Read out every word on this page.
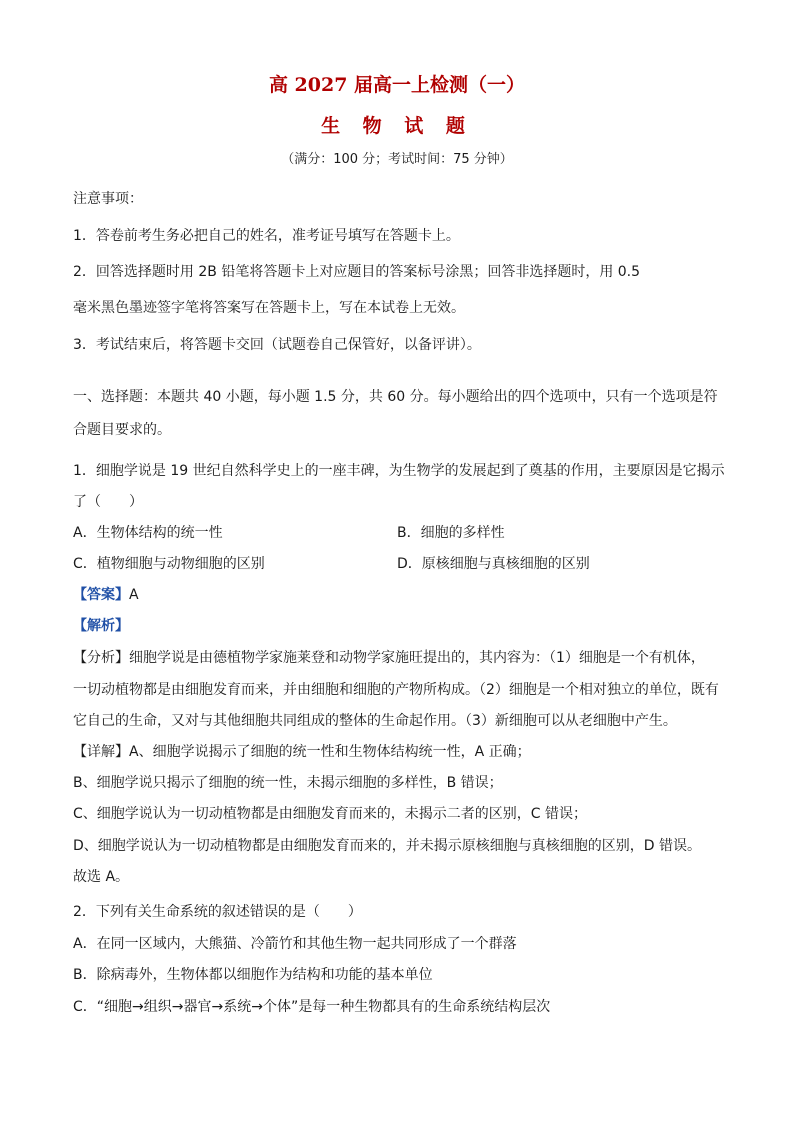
高 2027 届高一上检测（一）
生 物 试 题
（满分：100 分；考试时间：75 分钟）
注意事项：
1．答卷前考生务必把自己的姓名，准考证号填写在答题卡上。
2．回答选择题时用 2B 铅笔将答题卡上对应题目的答案标号涂黑；回答非选择题时，用 0.5
毫米黑色墨迹签字笔将答案写在答题卡上，写在本试卷上无效。
3．考试结束后，将答题卡交回（试题卷自己保管好，以备评讲）。
一、选择题：本题共 40 小题，每小题 1.5 分，共 60 分。每小题给出的四个选项中，只有一个选项是符
合题目要求的。
1．细胞学说是 19 世纪自然科学史上的一座丰碑，为生物学的发展起到了奠基的作用，主要原因是它揭示
了（　　）
A．生物体结构的统一性	B．细胞的多样性
C．植物细胞与动物细胞的区别	D．原核细胞与真核细胞的区别
【答案】A
【解析】
【分析】细胞学说是由德植物学家施莱登和动物学家施旺提出的，其内容为：（1）细胞是一个有机体，
一切动植物都是由细胞发育而来，并由细胞和细胞的产物所构成。（2）细胞是一个相对独立的单位，既有
它自己的生命，又对与其他细胞共同组成的整体的生命起作用。（3）新细胞可以从老细胞中产生。
【详解】A、细胞学说揭示了细胞的统一性和生物体结构统一性，A 正确；
B、细胞学说只揭示了细胞的统一性，未揭示细胞的多样性，B 错误；
C、细胞学说认为一切动植物都是由细胞发育而来的，未揭示二者的区别，C 错误；
D、细胞学说认为一切动植物都是由细胞发育而来的，并未揭示原核细胞与真核细胞的区别，D 错误。
故选 A。
2．下列有关生命系统的叙述错误的是（　　）
A．在同一区域内，大熊猫、冷箭竹和其他生物一起共同形成了一个群落
B．除病毒外，生物体都以细胞作为结构和功能的基本单位
C．“细胞→组织→器官→系统→个体”是每一种生物都具有的生命系统结构层次
